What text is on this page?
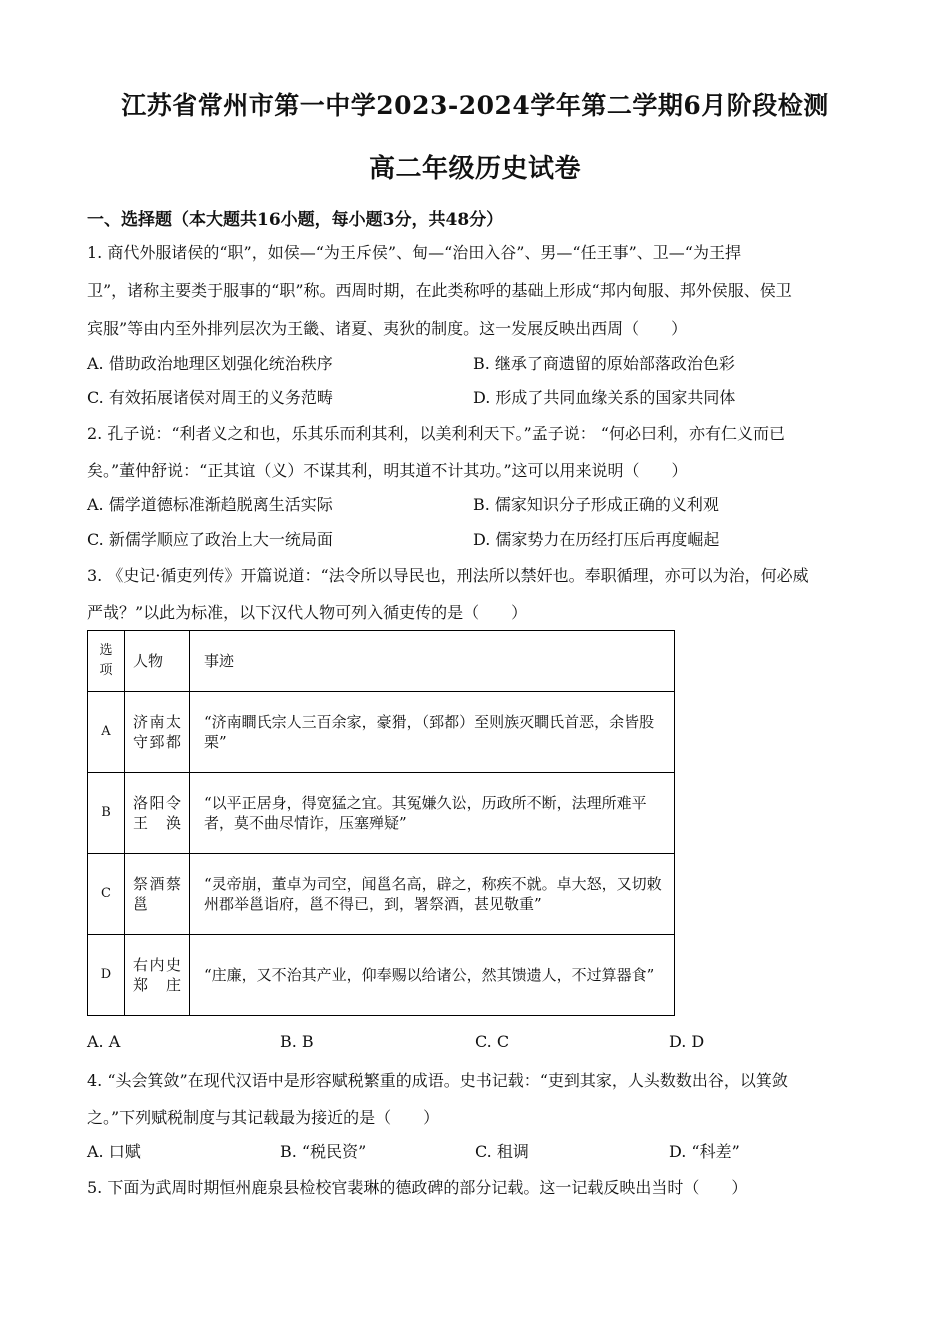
江苏省常州市第一中学2023-2024学年第二学期6月阶段检测
高二年级历史试卷
一、选择题（本大题共16小题，每小题3分，共48分）
1. 商代外服诸侯的“职”，如侯—“为王斥侯”、甸—“治田入谷”、男—“任王事”、卫—“为王捍
卫”，诸称主要类于服事的“职”称。西周时期，在此类称呼的基础上形成“邦内甸服、邦外侯服、侯卫
宾服”等由内至外排列层次为王畿、诸夏、夷狄的制度。这一发展反映出西周（　　）
A. 借助政治地理区划强化统治秩序	B. 继承了商遗留的原始部落政治色彩
C. 有效拓展诸侯对周王的义务范畴	D. 形成了共同血缘关系的国家共同体
2. 孔子说：“利者义之和也，乐其乐而利其利，以美利利天下。”孟子说： “何必曰利，亦有仁义而已
矣。”董仲舒说：“正其谊（义）不谋其利，明其道不计其功。”这可以用来说明（　　）
A. 儒学道德标准渐趋脱离生活实际	B. 儒家知识分子形成正确的义利观
C. 新儒学顺应了政治上大一统局面	D. 儒家势力在历经打压后再度崛起
3. 《史记·循吏列传》开篇说道：“法令所以导民也，刑法所以禁奸也。奉职循理，亦可以为治，何必威
严哉？”以此为标准，以下汉代人物可列入循吏传的是（　　）
选项	人物	事迹
A	济南太守郅都	“济南瞷氏宗人三百余家，豪猾，（郅都）至则族灭瞷氏首恶，余皆股栗”
B	洛阳令王涣	“以平正居身，得宽猛之宜。其冤嫌久讼，历政所不断，法理所难平者，莫不曲尽情诈，压塞殚疑”
C	祭酒蔡邕	“灵帝崩，董卓为司空，闻邕名高，辟之，称疾不就。卓大怒，又切敕州郡举邕诣府，邕不得已，到，署祭酒，甚见敬重”
D	右内史郑庄	“庄廉，又不治其产业，仰奉赐以给诸公，然其馈遗人，不过算器食”
A. A	B. B	C. C	D. D
4. “头会箕敛”在现代汉语中是形容赋税繁重的成语。史书记载：“吏到其家，人头数数出谷，以箕敛
之。”下列赋税制度与其记载最为接近的是（　　）
A. 口赋	B. “税民资”	C. 租调	D. “科差”
5. 下面为武周时期恒州鹿泉县检校官裴琳的德政碑的部分记载。这一记载反映出当时（　　）
